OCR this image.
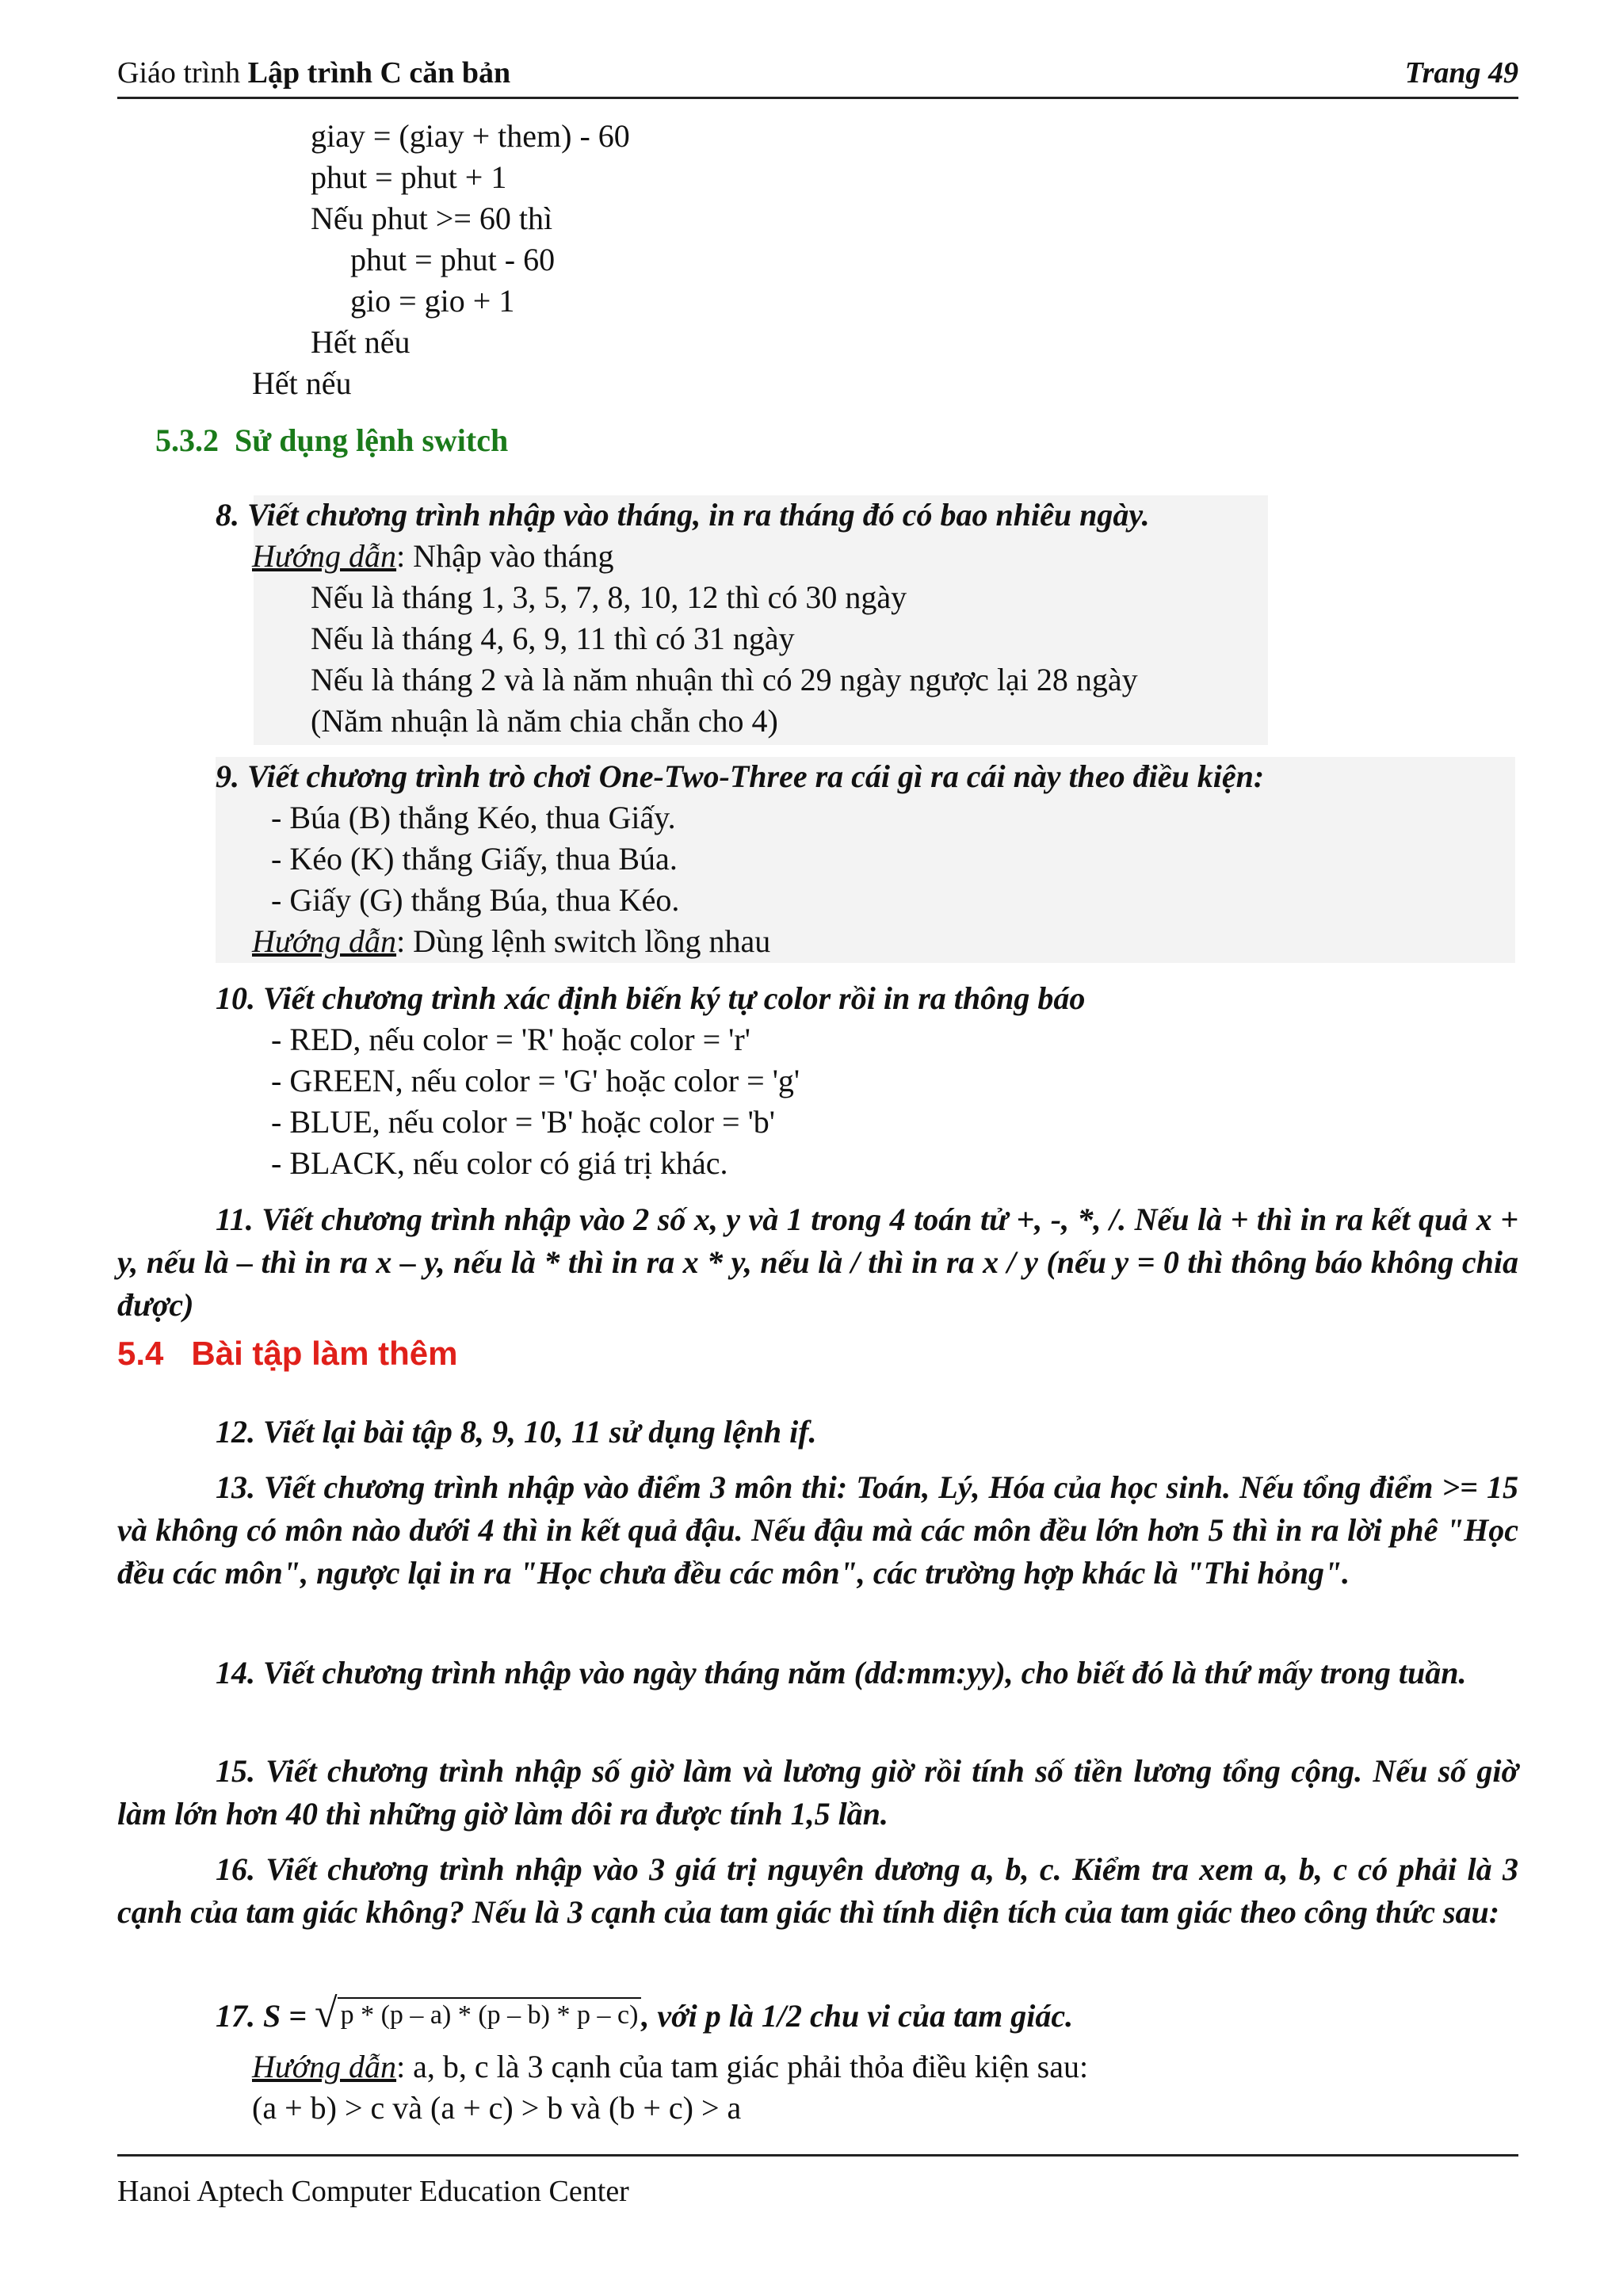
Giáo trình Lập trình C căn bản	Trang 49
giay = (giay + them) - 60
phut = phut + 1
Nếu phut >= 60 thì
phut = phut - 60
gio = gio + 1
Hết nếu
Hết nếu
5.3.2 Sử dụng lệnh switch
8. Viết chương trình nhập vào tháng, in ra tháng đó có bao nhiêu ngày.
Hướng dẫn: Nhập vào tháng
Nếu là tháng 1, 3, 5, 7, 8, 10, 12 thì có 30 ngày
Nếu là tháng 4, 6, 9, 11 thì có 31 ngày
Nếu là tháng 2 và là năm nhuận thì có 29 ngày ngược lại 28 ngày
(Năm nhuận là năm chia chẵn cho 4)
9. Viết chương trình trò chơi One-Two-Three ra cái gì ra cái này theo điều kiện:
- Búa (B) thắng Kéo, thua Giấy.
- Kéo (K) thắng Giấy, thua Búa.
- Giấy (G) thắng Búa, thua Kéo.
Hướng dẫn: Dùng lệnh switch lồng nhau
10. Viết chương trình xác định biến ký tự color rồi in ra thông báo
- RED, nếu color = 'R' hoặc color = 'r'
- GREEN, nếu color = 'G' hoặc color = 'g'
- BLUE, nếu color = 'B' hoặc color = 'b'
- BLACK, nếu color có giá trị khác.
11. Viết chương trình nhập vào 2 số x, y và 1 trong 4 toán tử +, -, *, /. Nếu là + thì in ra kết quả x + y, nếu là – thì in ra x – y, nếu là * thì in ra x * y, nếu là / thì in ra x / y (nếu y = 0 thì thông báo không chia được)
5.4 Bài tập làm thêm
12. Viết lại bài tập 8, 9, 10, 11 sử dụng lệnh if.
13. Viết chương trình nhập vào điểm 3 môn thi: Toán, Lý, Hóa của học sinh. Nếu tổng điểm >= 15 và không có môn nào dưới 4 thì in kết quả đậu. Nếu đậu mà các môn đều lớn hơn 5 thì in ra lời phê "Học đều các môn", ngược lại in ra "Học chưa đều các môn", các trường hợp khác là "Thi hỏng".
14. Viết chương trình nhập vào ngày tháng năm (dd:mm:yy), cho biết đó là thứ mấy trong tuần.
15. Viết chương trình nhập số giờ làm và lương giờ rồi tính số tiền lương tổng cộng. Nếu số giờ làm lớn hơn 40 thì những giờ làm dôi ra được tính 1,5 lần.
16. Viết chương trình nhập vào 3 giá trị nguyên dương a, b, c. Kiểm tra xem a, b, c có phải là 3 cạnh của tam giác không? Nếu là 3 cạnh của tam giác thì tính diện tích của tam giác theo công thức sau:
17. S = √ p * (p – a) * (p – b) * p – c) , với p là 1/2 chu vi của tam giác.
Hướng dẫn: a, b, c là 3 cạnh của tam giác phải thỏa điều kiện sau:
(a + b) > c và (a + c) > b và (b + c) > a
Hanoi Aptech Computer Education Center
